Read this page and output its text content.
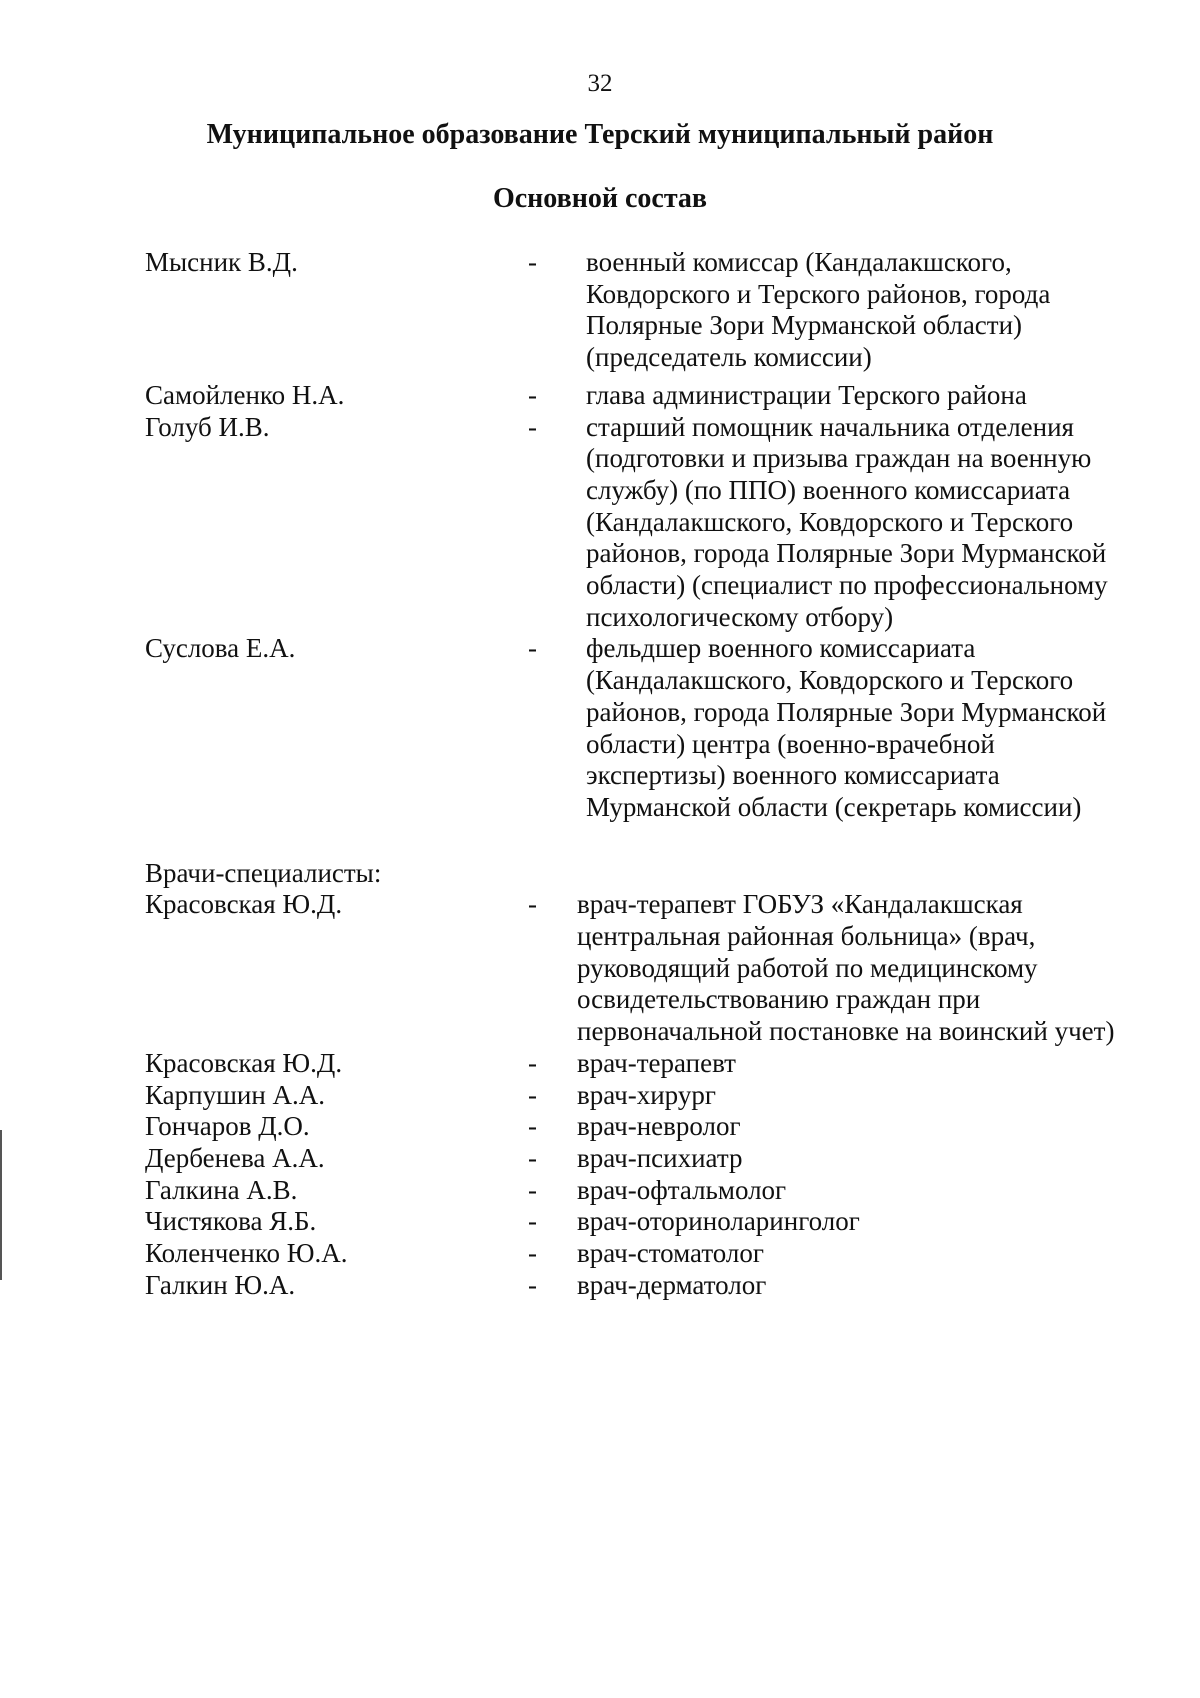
32
Муниципальное образование Терский муниципальный район
Основной состав
Мысник В.Д.	- военный комиссар (Кандалакшского, Ковдорского и Терского районов, города Полярные Зори Мурманской области) (председатель комиссии)
Самойленко Н.А.	- глава администрации Терского района
Голуб И.В.	- старший помощник начальника отделения (подготовки и призыва граждан на военную службу) (по ППО) военного комиссариата (Кандалакшского, Ковдорского и Терского районов, города Полярные Зори Мурманской области) (специалист по профессиональному психологическому отбору)
Суслова Е.А.	- фельдшер военного комиссариата (Кандалакшского, Ковдорского и Терского районов, города Полярные Зори Мурманской области) центра (военно-врачебной экспертизы) военного комиссариата Мурманской области (секретарь комиссии)
Врачи-специалисты:
Красовская Ю.Д.	- врач-терапевт ГОБУЗ «Кандалакшская центральная районная больница» (врач, руководящий работой по медицинскому освидетельствованию граждан при первоначальной постановке на воинский учет)
Красовская Ю.Д.	- врач-терапевт
Карпушин А.А.	- врач-хирург
Гончаров Д.О.	- врач-невролог
Дербенева А.А.	- врач-психиатр
Галкина А.В.	- врач-офтальмолог
Чистякова Я.Б.	- врач-оториноларинголог
Коленченко Ю.А.	- врач-стоматолог
Галкин Ю.А.	- врач-дерматолог
